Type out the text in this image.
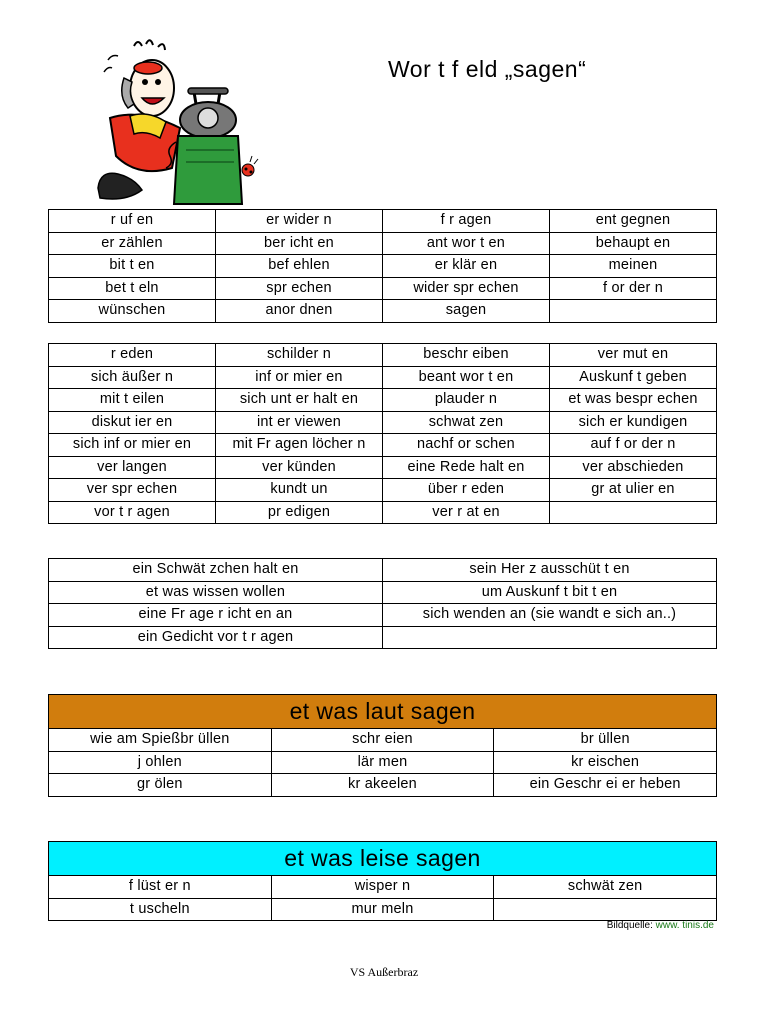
Wor t f eld „sagen“
r uf en	er wider n	f r agen	ent gegnen
er zählen	ber icht en	ant wor t en	behaupt en
bit t en	bef ehlen	er klär en	meinen
bet t eln	spr echen	wider spr echen	f or der n
wünschen	anor dnen	sagen	
r eden	schilder n	beschr eiben	ver mut en
sich äußer n	inf or mier en	beant wor t en	Auskunf t geben
mit t eilen	sich unt er halt en	plauder n	et was bespr echen
diskut ier en	int er viewen	schwat zen	sich er kundigen
sich inf or mier en	mit Fr agen löcher n	nachf or schen	auf f or der n
ver langen	ver künden	eine Rede halt en	ver abschieden
ver spr echen	kundt un	über r eden	gr at ulier en
vor t r agen	pr edigen	ver r at en	
ein Schwät zchen halt en	sein Her z ausschüt t en
et was wissen wollen	um Auskunf t bit t en
eine Fr age r icht en an	sich wenden an (sie wandt e sich an..)
ein Gedicht vor t r agen	
et was laut sagen
wie am Spießbr üllen	schr eien	br üllen
j ohlen	lär men	kr eischen
gr ölen	kr akeelen	ein Geschr ei er heben
et was leise sagen
f lüst er n	wisper n	schwät zen
t uscheln	mur meln	
Bildquelle: www. tinis.de
VS Außerbraz
